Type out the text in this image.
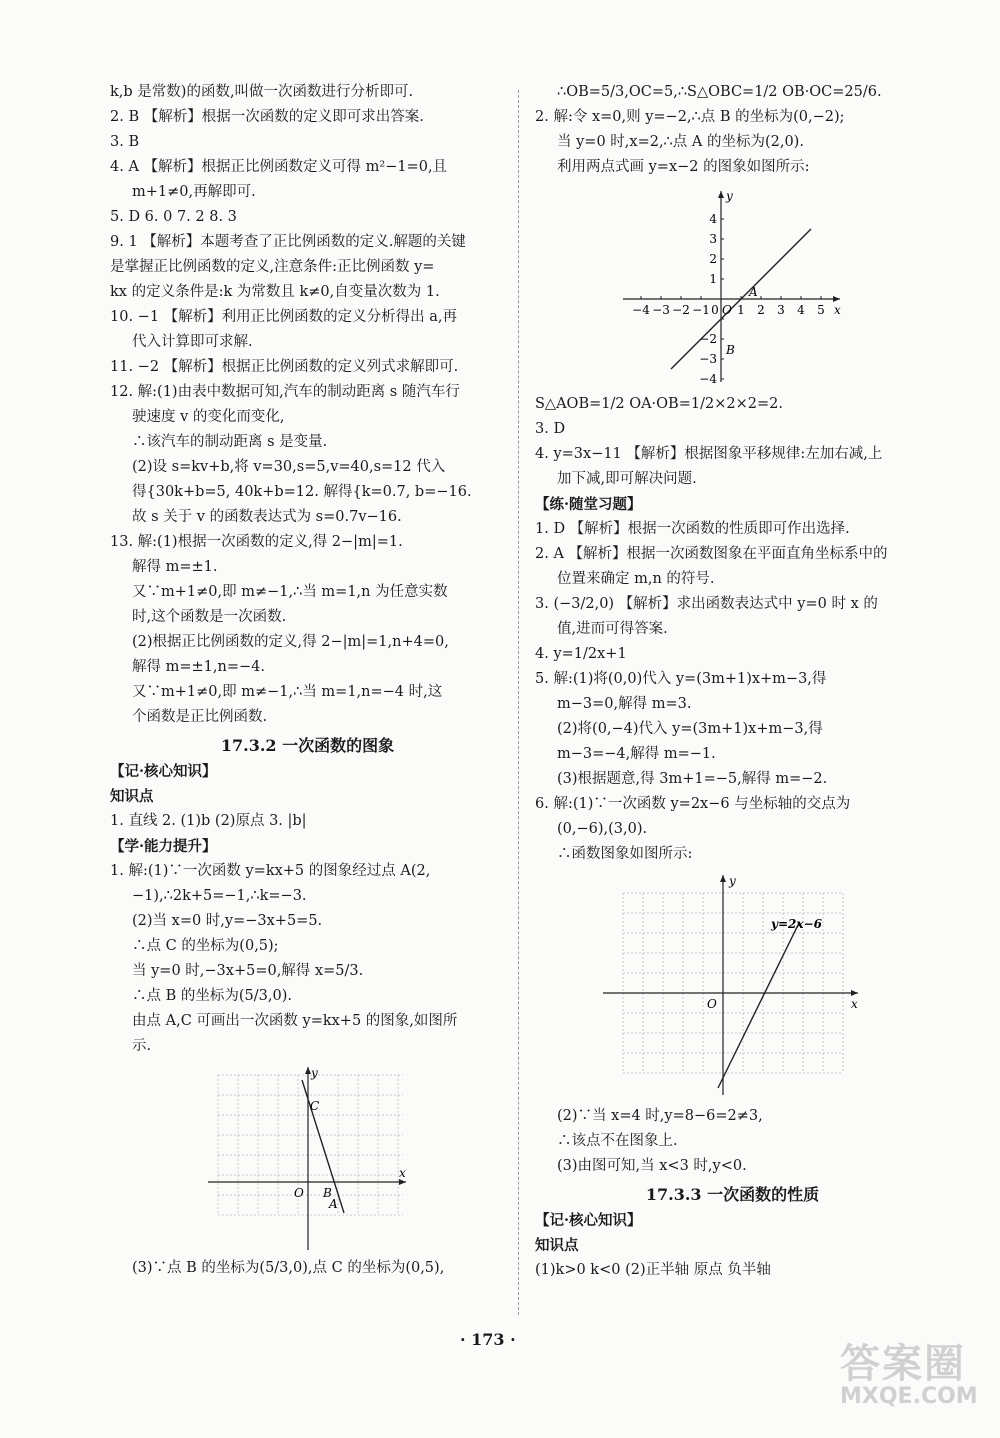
k,b 是常数)的函数,叫做一次函数进行分析即可.

2. B 【解析】根据一次函数的定义即可求出答案.

3. B

4. A 【解析】根据正比例函数定义可得 m²−1=0,且

m+1≠0,再解即可.

5. D 6. 0 7. 2 8. 3

9. 1 【解析】本题考查了正比例函数的定义.解题的关键

是掌握正比例函数的定义,注意条件:正比例函数 y=

kx 的定义条件是:k 为常数且 k≠0,自变量次数为 1.

10. −1 【解析】利用正比例函数的定义分析得出 a,再

代入计算即可求解.

11. −2 【解析】根据正比例函数的定义列式求解即可.

12. 解:(1)由表中数据可知,汽车的制动距离 s 随汽车行

驶速度 v 的变化而变化,

∴该汽车的制动距离 s 是变量.

(2)设 s=kv+b,将 v=30,s=5,v=40,s=12 代入

得{30k+b=5, 40k+b=12. 解得{k=0.7, b=−16.

故 s 关于 v 的函数表达式为 s=0.7v−16.

13. 解:(1)根据一次函数的定义,得 2−|m|=1.

解得 m=±1.

又∵m+1≠0,即 m≠−1,∴当 m=1,n 为任意实数

时,这个函数是一次函数.

(2)根据正比例函数的定义,得 2−|m|=1,n+4=0,

解得 m=±1,n=−4.

又∵m+1≠0,即 m≠−1,∴当 m=1,n=−4 时,这

个函数是正比例函数.

17.3.2 一次函数的图象

【记·核心知识】

知识点

1. 直线 2. (1)b (2)原点 3. |b|

【学·能力提升】

1. 解:(1)∵一次函数 y=kx+5 的图象经过点 A(2,

−1),∴2k+5=−1,∴k=−3.

(2)当 x=0 时,y=−3x+5=5.

∴点 C 的坐标为(0,5);

当 y=0 时,−3x+5=0,解得 x=5/3.

∴点 B 的坐标为(5/3,0).

由点 A,C 可画出一次函数 y=kx+5 的图象,如图所

示.

y
C
O B
x
A

(3)∵点 B 的坐标为(5/3,0),点 C 的坐标为(0,5),

∴OB=5/3,OC=5,∴S△OBC=1/2 OB·OC=25/6.

2. 解:令 x=0,则 y=−2,∴点 B 的坐标为(0,−2);

当 y=0 时,x=2,∴点 A 的坐标为(2,0).

利用两点式画 y=x−2 的图象如图所示:

−4 −3 −2 −1 0 1 2 3 4 5
4
3
2
1
−2
−3
−4
y
x
A
B
O

S△AOB=1/2 OA·OB=1/2×2×2=2.

3. D

4. y=3x−11 【解析】根据图象平移规律:左加右减,上

加下减,即可解决问题.

【练·随堂习题】

1. D 【解析】根据一次函数的性质即可作出选择.

2. A 【解析】根据一次函数图象在平面直角坐标系中的

位置来确定 m,n 的符号.

3. (−3/2,0) 【解析】求出函数表达式中 y=0 时 x 的

值,进而可得答案.

4. y=1/2x+1

5. 解:(1)将(0,0)代入 y=(3m+1)x+m−3,得

m−3=0,解得 m=3.

(2)将(0,−4)代入 y=(3m+1)x+m−3,得

m−3=−4,解得 m=−1.

(3)根据题意,得 3m+1=−5,解得 m=−2.

6. 解:(1)∵一次函数 y=2x−6 与坐标轴的交点为

(0,−6),(3,0).

∴函数图象如图所示:

y
y=2x−6
O	x

(2)∵当 x=4 时,y=8−6=2≠3,

∴该点不在图象上.

(3)由图可知,当 x<3 时,y<0.

17.3.3 一次函数的性质

【记·核心知识】

知识点

(1)k>0 k<0 (2)正半轴 原点 负半轴

· 173 ·
答案圈
MXQE.COM
